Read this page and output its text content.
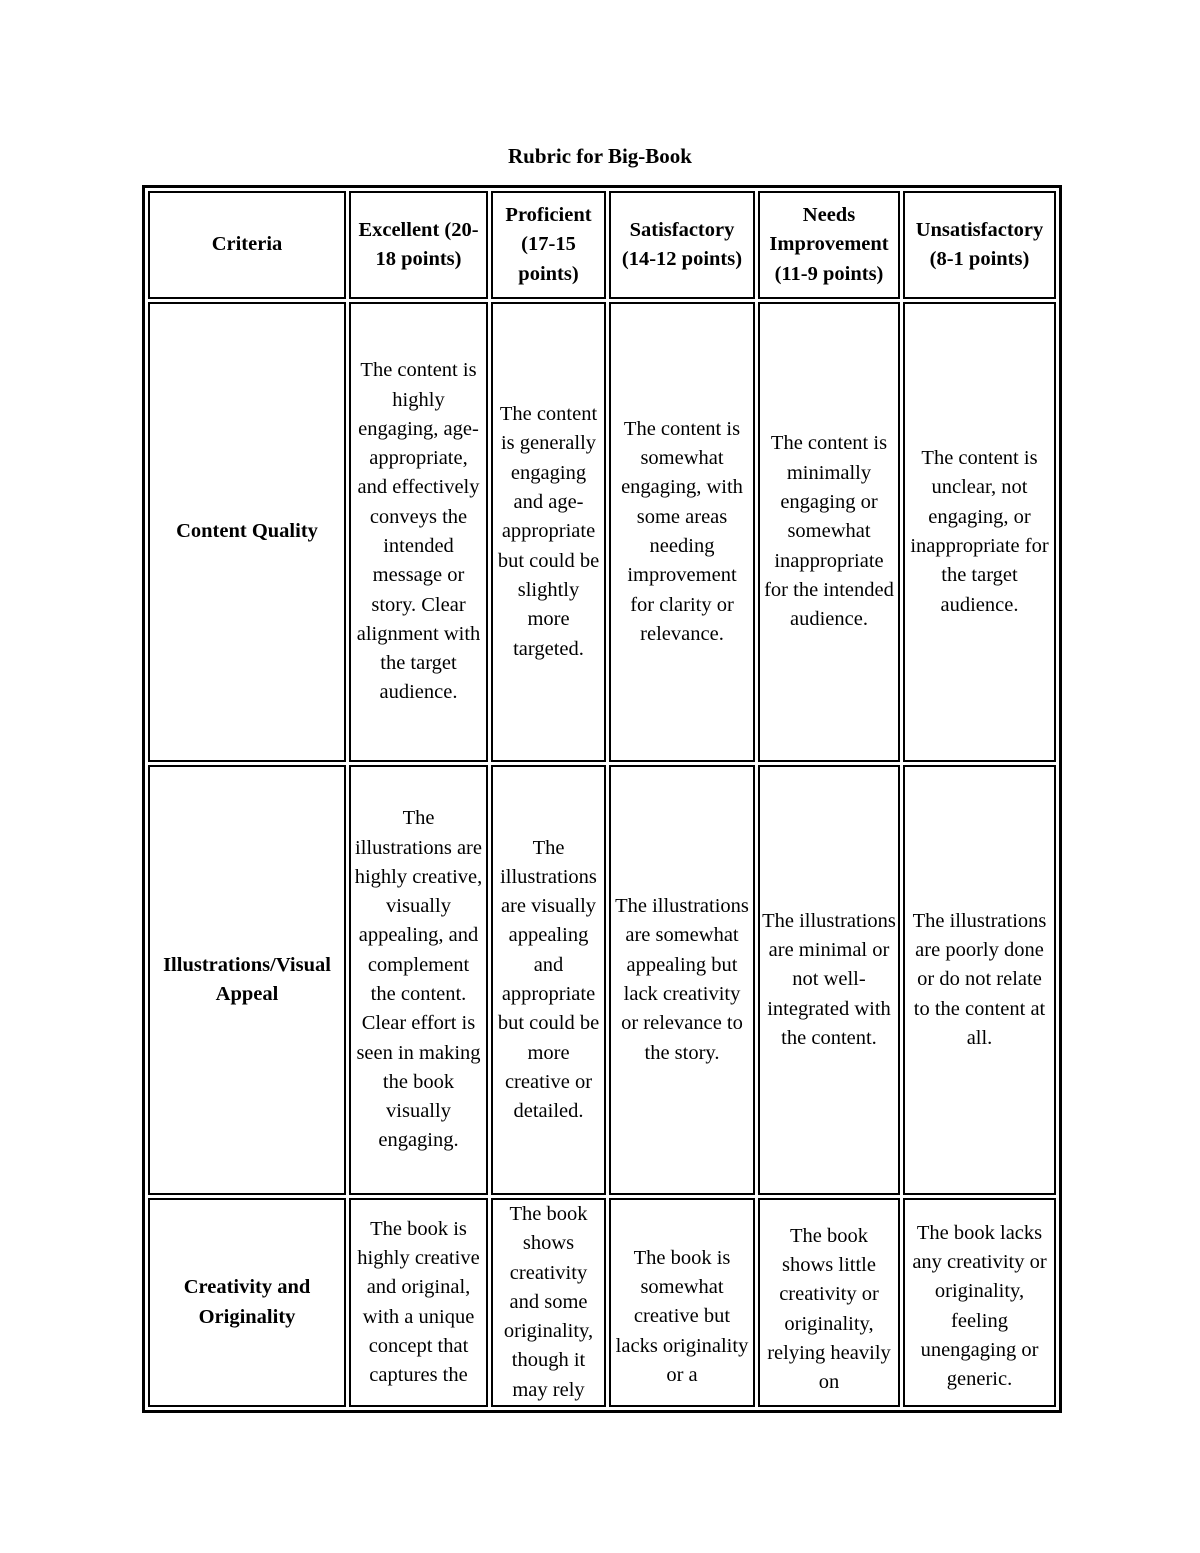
Rubric for Big-Book
Criteria	Excellent (20-18 points)	Proficient (17-15 points)	Satisfactory (14-12 points)	Needs Improvement (11-9 points)	Unsatisfactory (8-1 points)
Content Quality	The content is highly engaging, age-appropriate, and effectively conveys the intended message or story. Clear alignment with the target audience.	The content is generally engaging and age-appropriate but could be slightly more targeted.	The content is somewhat engaging, with some areas needing improvement for clarity or relevance.	The content is minimally engaging or somewhat inappropriate for the intended audience.	The content is unclear, not engaging, or inappropriate for the target audience.
Illustrations/Visual Appeal	The illustrations are highly creative, visually appealing, and complement the content. Clear effort is seen in making the book visually engaging.	The illustrations are visually appealing and appropriate but could be more creative or detailed.	The illustrations are somewhat appealing but lack creativity or relevance to the story.	The illustrations are minimal or not well-integrated with the content.	The illustrations are poorly done or do not relate to the content at all.
Creativity and Originality	The book is highly creative and original, with a unique concept that captures the	The book shows creativity and some originality, though it may rely	The book is somewhat creative but lacks originality or a	The book shows little creativity or originality, relying heavily on	The book lacks any creativity or originality, feeling unengaging or generic.
